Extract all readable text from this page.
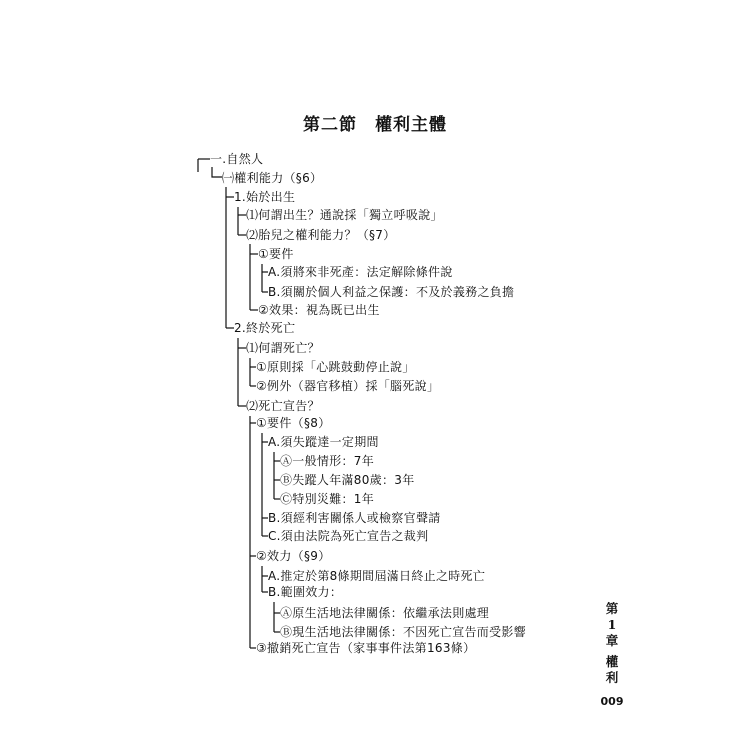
第二節　權利主體
一.自然人
㈠權利能力（§6）
1.始於出生
⑴何謂出生？通說採「獨立呼吸說」
⑵胎兒之權利能力？（§7）
①要件
A.須將來非死產：法定解除條件說
B.須關於個人利益之保護：不及於義務之負擔
②效果：視為既已出生
2.終於死亡
⑴何謂死亡？
①原則採「心跳鼓動停止說」
②例外（器官移植）採「腦死說」
⑵死亡宣告？
①要件（§8）
A.須失蹤達一定期間
Ⓐ一般情形：7年
Ⓑ失蹤人年滿80歲：3年
Ⓒ特別災難：1年
B.須經利害關係人或檢察官聲請
C.須由法院為死亡宣告之裁判
②效力（§9）
A.推定於第8條期間屆滿日終止之時死亡
B.範圍效力：
Ⓐ原生活地法律關係：依繼承法則處理
Ⓑ現生活地法律關係：不因死亡宣告而受影響
③撤銷死亡宣告（家事事件法第163條）
第
1
章
權
利
009
